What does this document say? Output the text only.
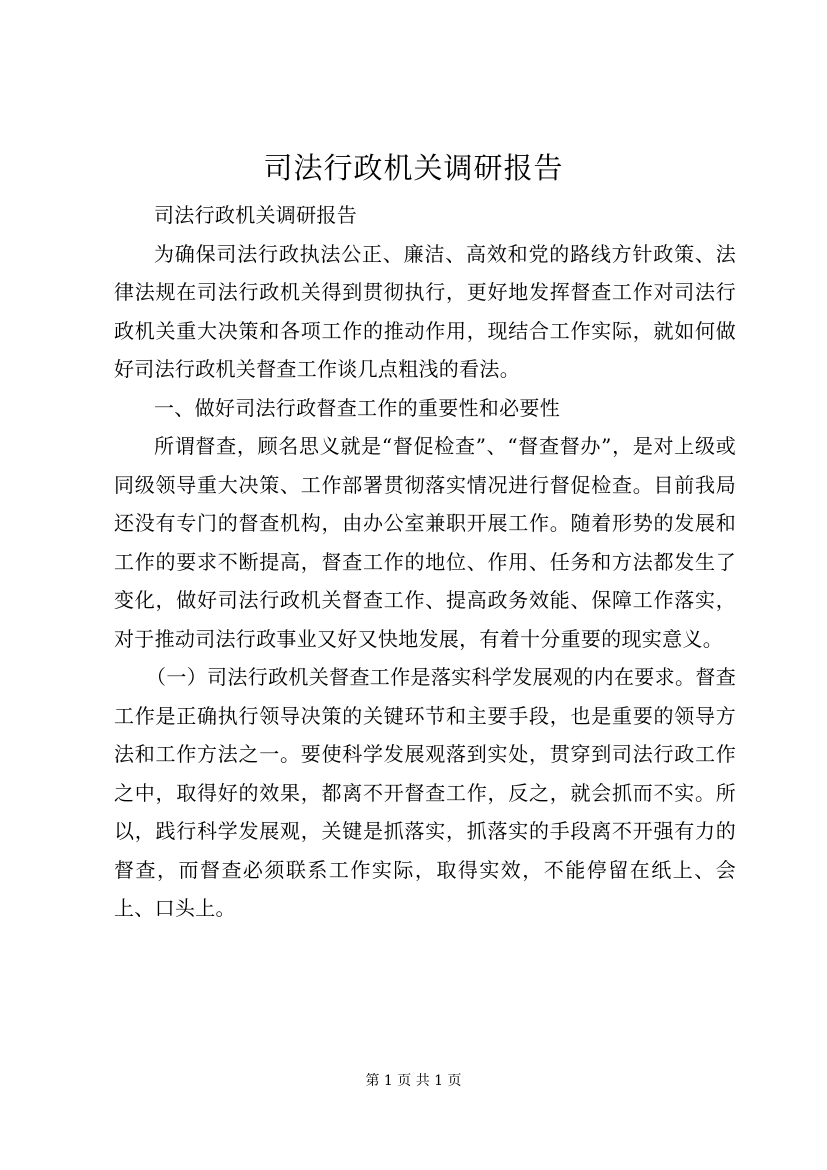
司法行政机关调研报告

司法行政机关调研报告

为确保司法行政执法公正、廉洁、高效和党的路线方针政策、法律法规在司法行政机关得到贯彻执行，更好地发挥督查工作对司法行政机关重大决策和各项工作的推动作用，现结合工作实际，就如何做好司法行政机关督查工作谈几点粗浅的看法。

一、做好司法行政督查工作的重要性和必要性

所谓督查，顾名思义就是“督促检查”、“督查督办”，是对上级或同级领导重大决策、工作部署贯彻落实情况进行督促检查。目前我局还没有专门的督查机构，由办公室兼职开展工作。随着形势的发展和工作的要求不断提高，督查工作的地位、作用、任务和方法都发生了变化，做好司法行政机关督查工作、提高政务效能、保障工作落实，对于推动司法行政事业又好又快地发展，有着十分重要的现实意义。

（一）司法行政机关督查工作是落实科学发展观的内在要求。督查工作是正确执行领导决策的关键环节和主要手段，也是重要的领导方法和工作方法之一。要使科学发展观落到实处，贯穿到司法行政工作之中，取得好的效果，都离不开督查工作，反之，就会抓而不实。所以，践行科学发展观，关键是抓落实，抓落实的手段离不开强有力的督查，而督查必须联系工作实际，取得实效，不能停留在纸上、会上、口头上。

第 1 页 共 1 页
